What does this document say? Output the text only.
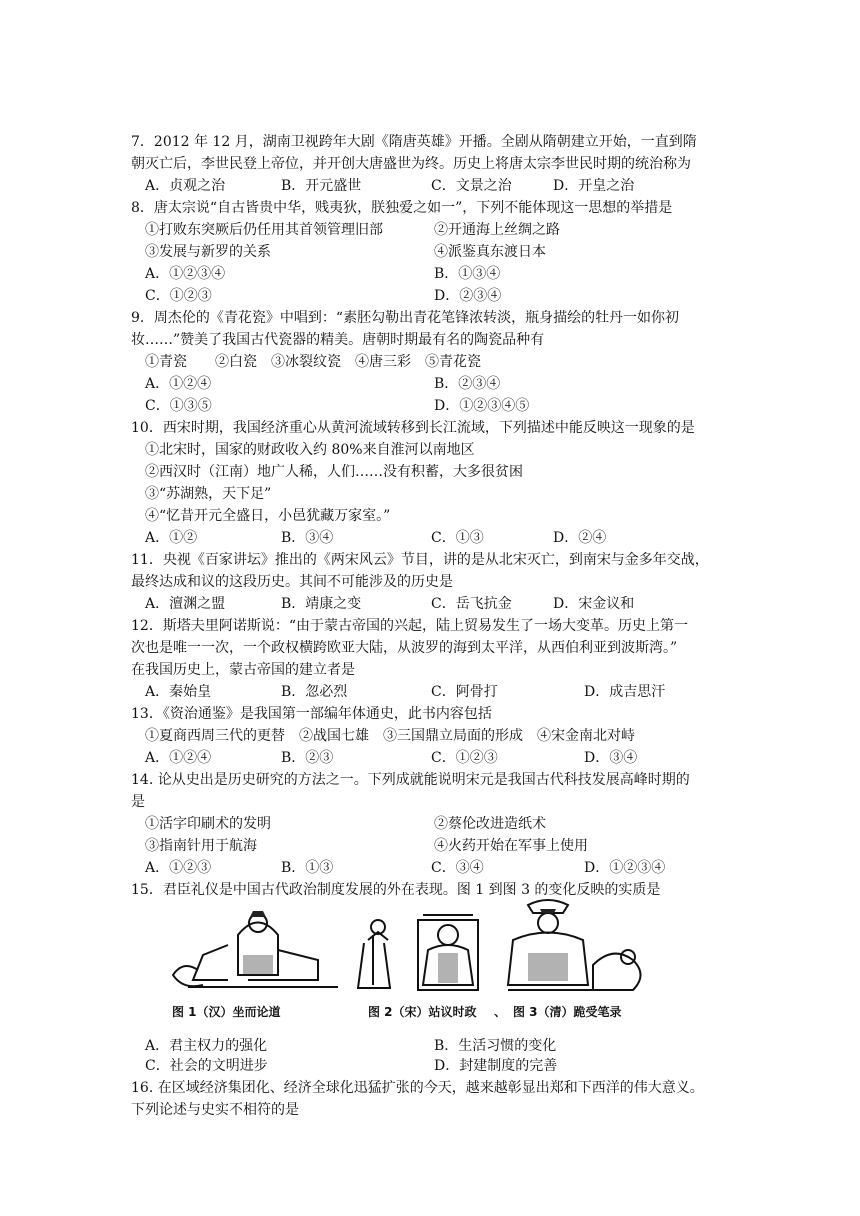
7．2012 年 12 月，湖南卫视跨年大剧《隋唐英雄》开播。全剧从隋朝建立开始，一直到隋
朝灭亡后，李世民登上帝位，并开创大唐盛世为终。历史上将唐太宗李世民时期的统治称为
A．贞观之治	B．开元盛世	C．文景之治	D．开皇之治
8．唐太宗说“自古皆贵中华，贱夷狄，朕独爱之如一”，下列不能体现这一思想的举措是
①打败东突厥后仍任用其首领管理旧部	②开通海上丝绸之路
③发展与新罗的关系	④派鉴真东渡日本
A．①②③④	B．①③④
C．①②③	D．②③④
9．周杰伦的《青花瓷》中唱到：“素胚勾勒出青花笔锋浓转淡，瓶身描绘的牡丹一如你初
妆……”赞美了我国古代瓷器的精美。唐朝时期最有名的陶瓷品种有
①青瓷　　②白瓷　③冰裂纹瓷　④唐三彩　⑤青花瓷
A．①②④	B．②③④
C．①③⑤	D．①②③④⑤
10．西宋时期，我国经济重心从黄河流域转移到长江流域，下列描述中能反映这一现象的是
①北宋时，国家的财政收入约 80%来自淮河以南地区
②西汉时（江南）地广人稀，人们……没有积蓄，大多很贫困
③“苏湖熟，天下足”
④“忆昔开元全盛日，小邑犹藏万家室。”
A．①②	B．③④	C．①③	D．②④
11．央视《百家讲坛》推出的《两宋风云》节目，讲的是从北宋灭亡，到南宋与金多年交战，
最终达成和议的这段历史。其间不可能涉及的历史是
A．澶渊之盟	B．靖康之变	C．岳飞抗金	D．宋金议和
12．斯塔夫里阿诺斯说：“由于蒙古帝国的兴起，陆上贸易发生了一场大变革。历史上第一
次也是唯一一次，一个政权横跨欧亚大陆，从波罗的海到太平洋，从西伯利亚到波斯湾。”
在我国历史上，蒙古帝国的建立者是
A．秦始皇	B．忽必烈	C．阿骨打	D．成吉思汗
13．《资治通鉴》是我国第一部编年体通史，此书内容包括
①夏商西周三代的更替　②战国七雄　③三国鼎立局面的形成　④宋金南北对峙
A．①②④	B．②③	C．①②③	D．③④
14. 论从史出是历史研究的方法之一。下列成就能说明宋元是我国古代科技发展高峰时期的
是
①活字印刷术的发明	②蔡伦改进造纸术
③指南针用于航海	④火药开始在军事上使用
A．①②③	B．①③	C．③④	D．①②③④
15．君臣礼仪是中国古代政治制度发展的外在表现。图 1 到图 3 的变化反映的实质是
A．君主权力的强化	B．生活习惯的变化
C．社会的文明进步	D．封建制度的完善
16. 在区域经济集团化、经济全球化迅猛扩张的今天，越来越彰显出郑和下西洋的伟大意义。
下列论述与史实不相符的是
图 1（汉）坐而论道	图 2（宋）站议时政 、 图 3（清）跪受笔录
